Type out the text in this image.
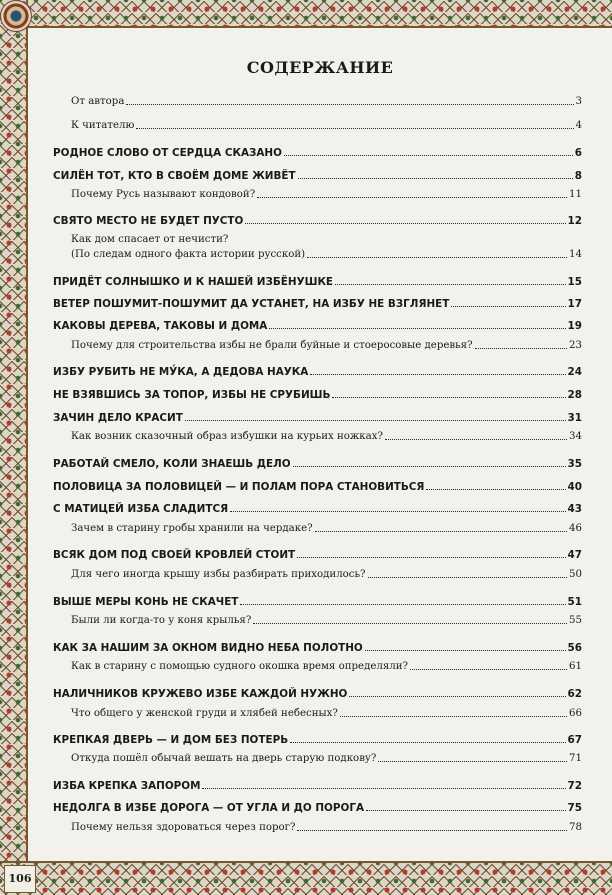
106
СОДЕРЖАНИЕ
От автора	3
К читателю	4
РОДНОЕ СЛОВО ОТ СЕРДЦА СКАЗАНО	6
СИЛЁН ТОТ, КТО В СВОЁМ ДОМЕ ЖИВЁТ	8
Почему Русь называют кондовой?	11
СВЯТО МЕСТО НЕ БУДЕТ ПУСТО	12
Как дом спасает от нечисти?
(По следам одного факта истории русской)	14
ПРИДЁТ СОЛНЫШКО И К НАШЕЙ ИЗБЁНУШКЕ	15
ВЕТЕР ПОШУМИТ-ПОШУМИТ ДА УСТАНЕТ, НА ИЗБУ НЕ ВЗГЛЯНЕТ	17
КАКОВЫ ДЕРЕВА, ТАКОВЫ И ДОМА	19
Почему для строительства избы не брали буйные и стоеросовые деревья?	23
ИЗБУ РУБИТЬ НЕ МУ́КА, А ДЕДОВА НАУКА	24
НЕ ВЗЯВШИСЬ ЗА ТОПОР, ИЗБЫ НЕ СРУБИШЬ	28
ЗАЧИН ДЕЛО КРАСИТ	31
Как возник сказочный образ избушки на курьих ножках?	34
РАБОТАЙ СМЕЛО, КОЛИ ЗНАЕШЬ ДЕЛО	35
ПОЛОВИЦА ЗА ПОЛОВИЦЕЙ — И ПОЛАМ ПОРА СТАНОВИТЬСЯ	40
С МАТИЦЕЙ ИЗБА СЛАДИТСЯ	43
Зачем в старину гробы хранили на чердаке?	46
ВСЯК ДОМ ПОД СВОЕЙ КРОВЛЕЙ СТОИТ	47
Для чего иногда крышу избы разбирать приходилось?	50
ВЫШЕ МЕРЫ КОНЬ НЕ СКАЧЕТ	51
Были ли когда-то у коня крылья?	55
КАК ЗА НАШИМ ЗА ОКНОМ ВИДНО НЕБА ПОЛОТНО	56
Как в старину с помощью судного окошка время определяли?	61
НАЛИЧНИКОВ КРУЖЕВО ИЗБЕ КАЖДОЙ НУЖНО	62
Что общего у женской груди и хлябей небесных?	66
КРЕПКАЯ ДВЕРЬ — И ДОМ БЕЗ ПОТЕРЬ	67
Откуда пошёл обычай вешать на дверь старую подкову?	71
ИЗБА КРЕПКА ЗАПОРОМ	72
НЕДОЛГА В ИЗБЕ ДОРОГА — ОТ УГЛА И ДО ПОРОГА	75
Почему нельзя здороваться через порог?	78
